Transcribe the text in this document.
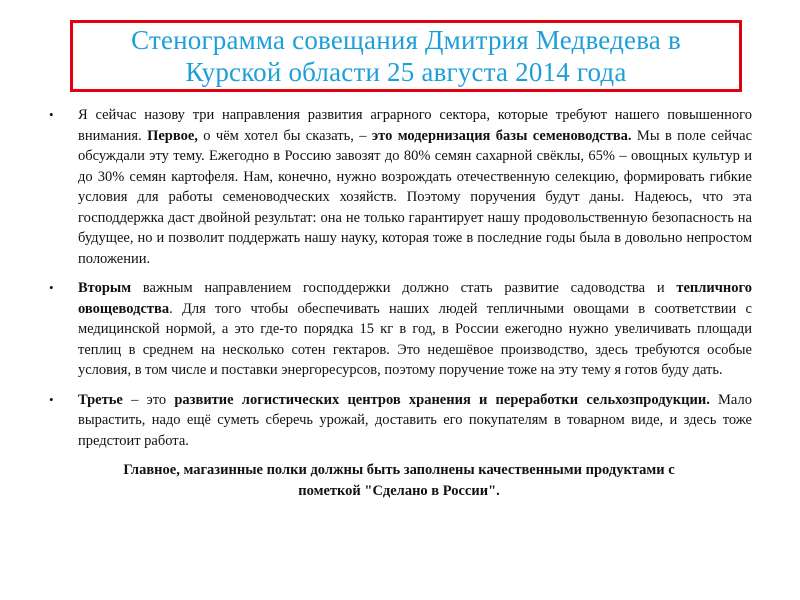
Стенограмма совещания Дмитрия Медведева в
Курской области 25 августа 2014 года
• Я сейчас назову три направления развития аграрного сектора, которые требуют нашего повышенного внимания. Первое, о чём хотел бы сказать, – это модернизация базы семеноводства. Мы в поле сейчас обсуждали эту тему. Ежегодно в Россию завозят до 80% семян сахарной свёклы, 65% – овощных культур и до 30% семян картофеля. Нам, конечно, нужно возрождать отечественную селекцию, формировать гибкие условия для работы семеноводческих хозяйств. Поэтому поручения будут даны. Надеюсь, что эта господдержка даст двойной результат: она не только гарантирует нашу продовольственную безопасность на будущее, но и позволит поддержать нашу науку, которая тоже в последние годы была в довольно непростом положении.
• Вторым важным направлением господдержки должно стать развитие садоводства и тепличного овощеводства. Для того чтобы обеспечивать наших людей тепличными овощами в соответствии с медицинской нормой, а это где-то порядка 15 кг в год, в России ежегодно нужно увеличивать площади теплиц в среднем на несколько сотен гектаров. Это недешёвое производство, здесь требуются особые условия, в том числе и поставки энергоресурсов, поэтому поручение тоже на эту тему я готов буду дать.
• Третье – это развитие логистических центров хранения и переработки сельхозпродукции. Мало вырастить, надо ещё суметь сберечь урожай, доставить его покупателям в товарном виде, и здесь тоже предстоит работа.
Главное, магазинные полки должны быть заполнены качественными продуктами с
пометкой "Сделано в России".
